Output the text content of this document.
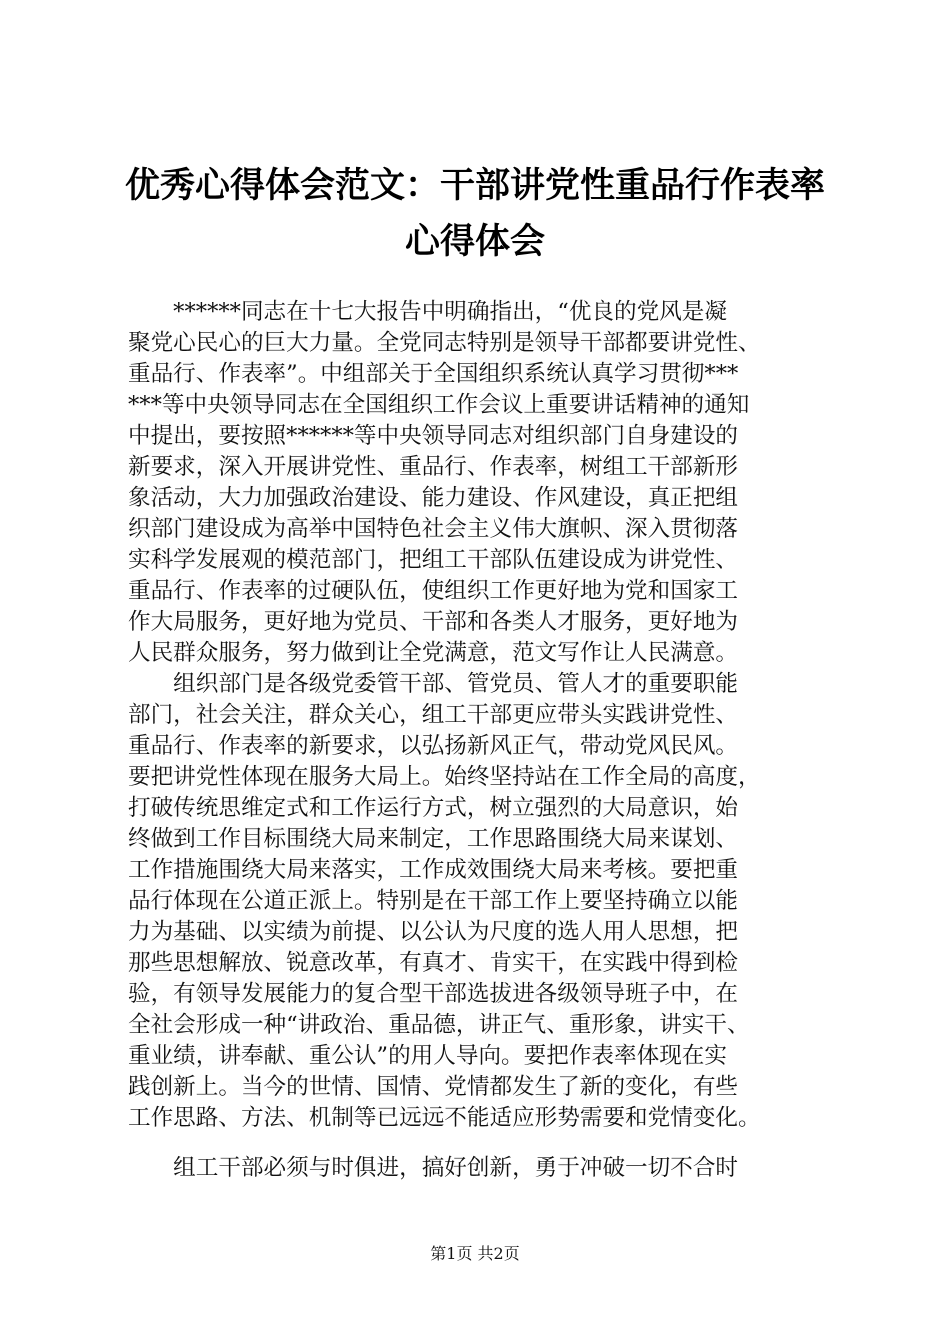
优秀心得体会范文：干部讲党性重品行作表率
心得体会
　　******同志在十七大报告中明确指出，“优良的党风是凝
聚党心民心的巨大力量。全党同志特别是领导干部都要讲党性、
重品行、作表率”。中组部关于全国组织系统认真学习贯彻***
***等中央领导同志在全国组织工作会议上重要讲话精神的通知
中提出，要按照******等中央领导同志对组织部门自身建设的
新要求，深入开展讲党性、重品行、作表率，树组工干部新形
象活动，大力加强政治建设、能力建设、作风建设，真正把组
织部门建设成为高举中国特色社会主义伟大旗帜、深入贯彻落
实科学发展观的模范部门，把组工干部队伍建设成为讲党性、
重品行、作表率的过硬队伍，使组织工作更好地为党和国家工
作大局服务，更好地为党员、干部和各类人才服务，更好地为
人民群众服务，努力做到让全党满意，范文写作让人民满意。
　　组织部门是各级党委管干部、管党员、管人才的重要职能
部门，社会关注，群众关心，组工干部更应带头实践讲党性、
重品行、作表率的新要求，以弘扬新风正气，带动党风民风。
要把讲党性体现在服务大局上。始终坚持站在工作全局的高度，
打破传统思维定式和工作运行方式，树立强烈的大局意识，始
终做到工作目标围绕大局来制定，工作思路围绕大局来谋划、
工作措施围绕大局来落实，工作成效围绕大局来考核。要把重
品行体现在公道正派上。特别是在干部工作上要坚持确立以能
力为基础、以实绩为前提、以公认为尺度的选人用人思想，把
那些思想解放、锐意改革，有真才、肯实干，在实践中得到检
验，有领导发展能力的复合型干部选拔进各级领导班子中，在
全社会形成一种“讲政治、重品德，讲正气、重形象，讲实干、
重业绩，讲奉献、重公认”的用人导向。要把作表率体现在实
践创新上。当今的世情、国情、党情都发生了新的变化，有些
工作思路、方法、机制等已远远不能适应形势需要和党情变化。
　　组工干部必须与时俱进，搞好创新，勇于冲破一切不合时
第1页 共2页
